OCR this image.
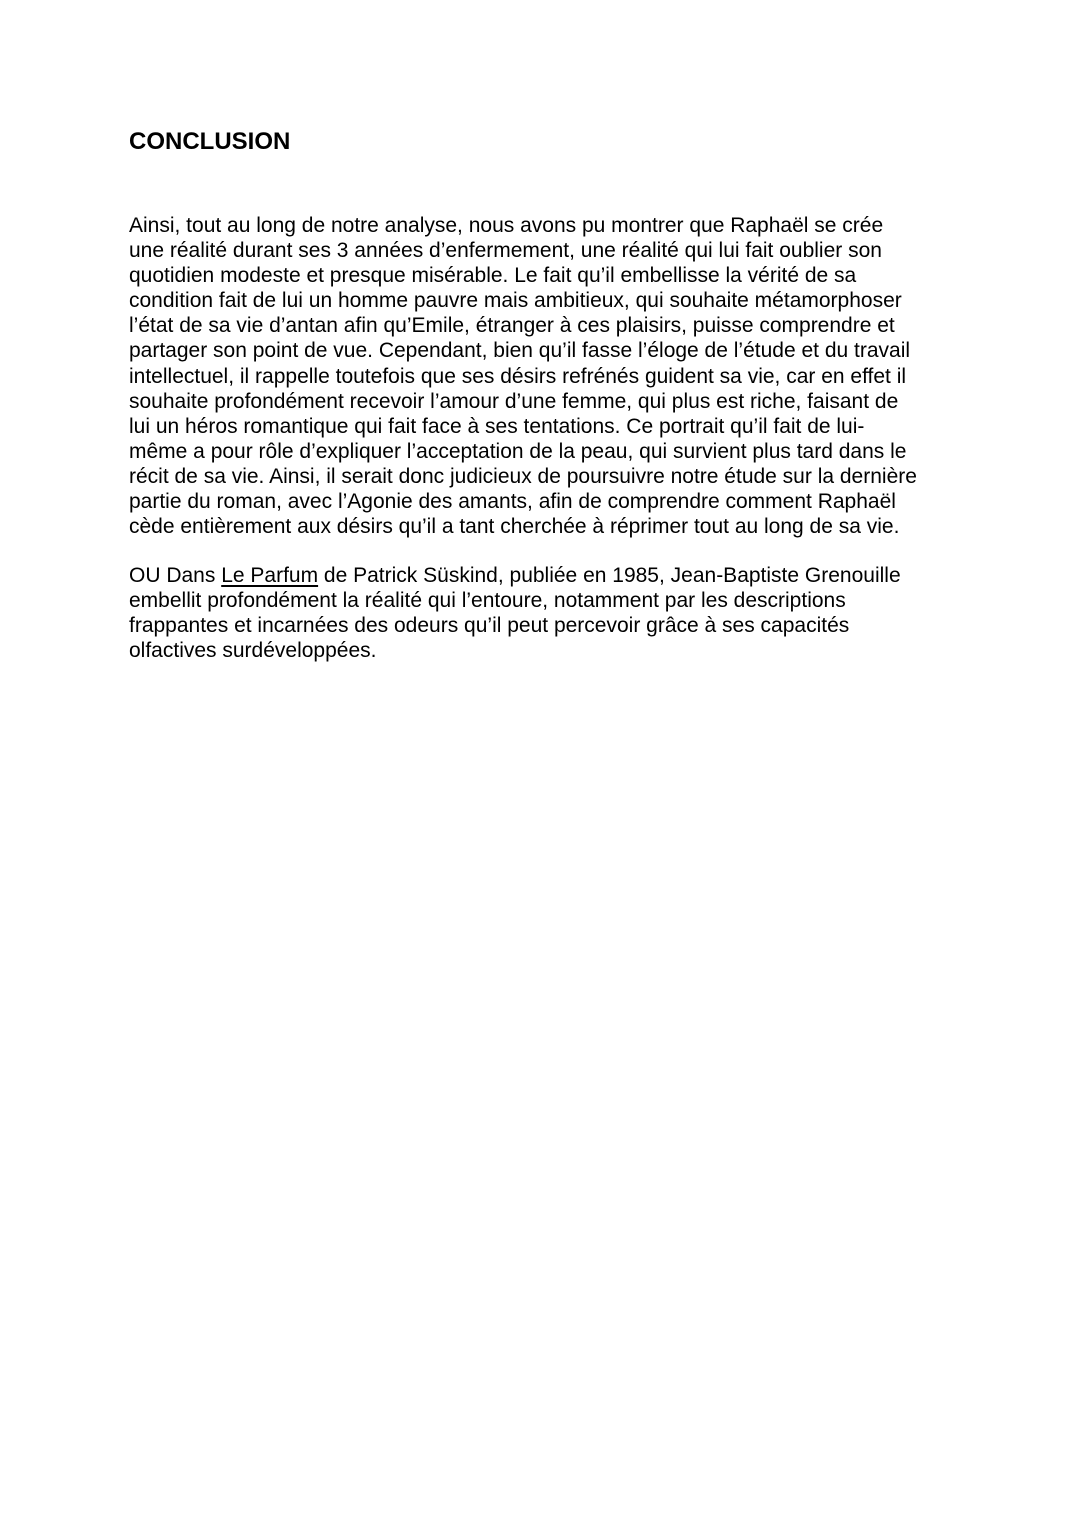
CONCLUSION

Ainsi, tout au long de notre analyse, nous avons pu montrer que Raphaël se crée
une réalité durant ses 3 années d’enfermement, une réalité qui lui fait oublier son
quotidien modeste et presque misérable. Le fait qu’il embellisse la vérité de sa
condition fait de lui un homme pauvre mais ambitieux, qui souhaite métamorphoser
l’état de sa vie d’antan afin qu’Emile, étranger à ces plaisirs, puisse comprendre et
partager son point de vue. Cependant, bien qu’il fasse l’éloge de l’étude et du travail
intellectuel, il rappelle toutefois que ses désirs refrénés guident sa vie, car en effet il
souhaite profondément recevoir l’amour d’une femme, qui plus est riche, faisant de
lui un héros romantique qui fait face à ses tentations. Ce portrait qu’il fait de lui-
même a pour rôle d’expliquer l’acceptation de la peau, qui survient plus tard dans le
récit de sa vie. Ainsi, il serait donc judicieux de poursuivre notre étude sur la dernière
partie du roman, avec l’Agonie des amants, afin de comprendre comment Raphaël
cède entièrement aux désirs qu’il a tant cherchée à réprimer tout au long de sa vie.

OU Dans Le Parfum de Patrick Süskind, publiée en 1985, Jean-Baptiste Grenouille
embellit profondément la réalité qui l’entoure, notamment par les descriptions
frappantes et incarnées des odeurs qu’il peut percevoir grâce à ses capacités
olfactives surdéveloppées.
